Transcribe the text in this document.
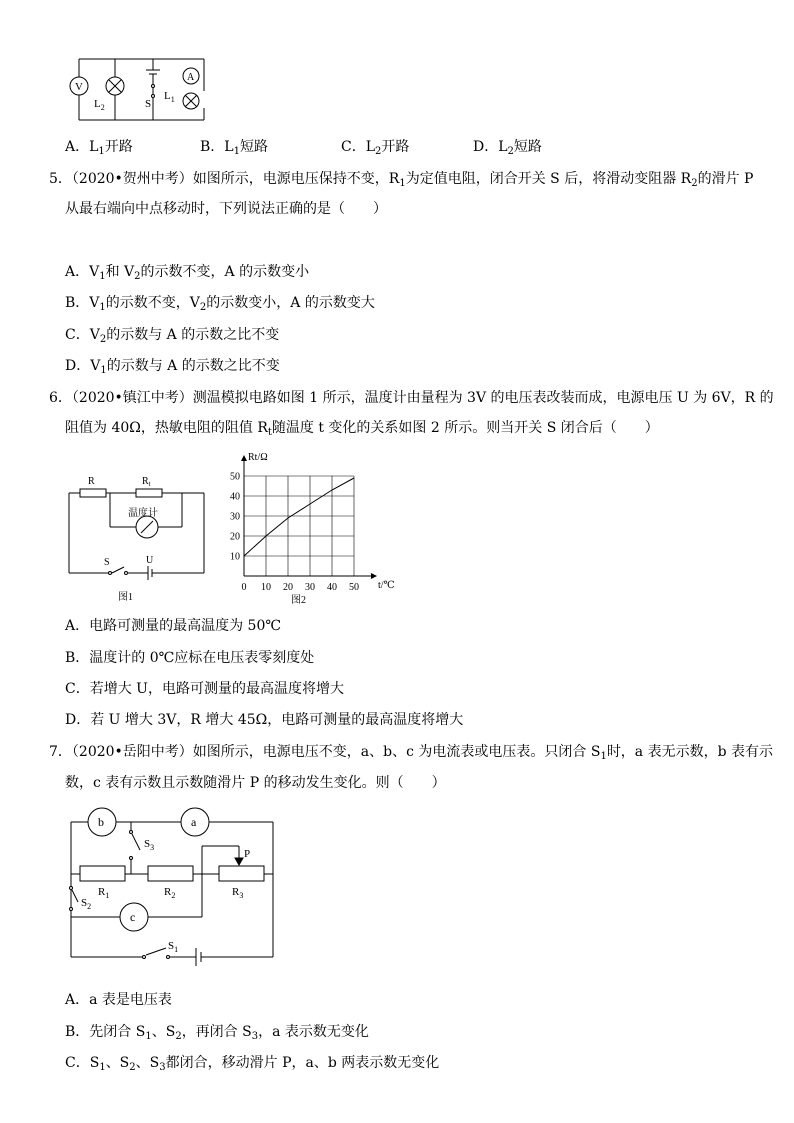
V
$L_2$	S
A
$L_1$
A．$L_1$开路	B．$L_1$短路	C．$L_2$开路	D．$L_2$短路
5．（2020•贺州中考）如图所示，电源电压保持不变，$R_1$为定值电阻，闭合开关 S 后，将滑动变阻器 $R_2$的滑片 P
从最右端向中点移动时，下列说法正确的是（　　）
A．$V_1$和 $V_2$的示数不变，A 的示数变小
B．$V_1$的示数不变，$V_2$的示数变小，A 的示数变大
C．$V_2$的示数与 A 的示数之比不变
D．$V_1$的示数与 A 的示数之比不变
6．（2020•镇江中考）测温模拟电路如图 1 所示，温度计由量程为 3V 的电压表改装而成，电源电压 U 为 6V，R 的
阻值为 40Ω，热敏电阻的阻值 $R_t$随温度 t 变化的关系如图 2 所示。则当开关 S 闭合后（　　）
R	$R_t$
温度计
S	U
图1
0 10 20 30 40 50
10
20
30
40
50
Rt/Ω
t/℃
图2
A．电路可测量的最高温度为 50℃
B．温度计的 0℃应标在电压表零刻度处
C．若增大 U，电路可测量的最高温度将增大
D．若 U 增大 3V，R 增大 45Ω，电路可测量的最高温度将增大
7．（2020•岳阳中考）如图所示，电源电压不变，a、b、c 为电流表或电压表。只闭合 $S_1$时，a 表无示数，b 表有示
数，c 表有示数且示数随滑片 P 的移动发生变化。则（　　）
b	a
c
$S_3$
P
$R_1$	$R_2$	$R_3$
$S_2$
$S_1$
A．a 表是电压表
B．先闭合 $S_1$、$S_2$，再闭合 $S_3$，a 表示数无变化
C．$S_1$、$S_2$、$S_3$都闭合，移动滑片 P，a、b 两表示数无变化
